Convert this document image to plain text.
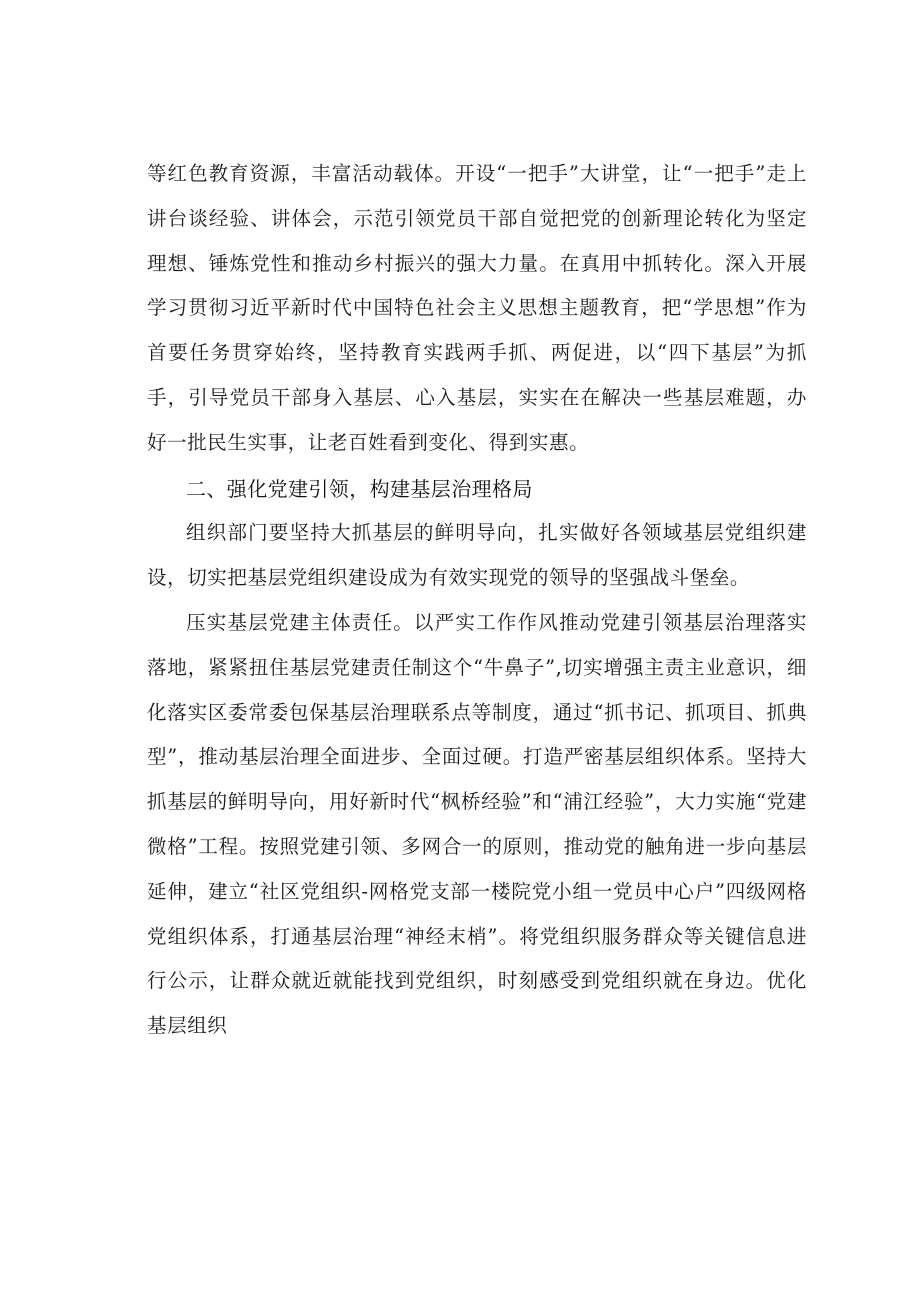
等红色教育资源，丰富活动载体。开设“一把手”大讲堂，让“一把手”走上讲台谈经验、讲体会，示范引领党员干部自觉把党的创新理论转化为坚定理想、锤炼党性和推动乡村振兴的强大力量。在真用中抓转化。深入开展学习贯彻习近平新时代中国特色社会主义思想主题教育，把“学思想”作为首要任务贯穿始终，坚持教育实践两手抓、两促进，以“四下基层”为抓手，引导党员干部身入基层、心入基层，实实在在解决一些基层难题，办好一批民生实事，让老百姓看到变化、得到实惠。

二、强化党建引领，构建基层治理格局

组织部门要坚持大抓基层的鲜明导向，扎实做好各领域基层党组织建设，切实把基层党组织建设成为有效实现党的领导的坚强战斗堡垒。

压实基层党建主体责任。以严实工作作风推动党建引领基层治理落实落地，紧紧扭住基层党建责任制这个“牛鼻子”,切实增强主责主业意识，细化落实区委常委包保基层治理联系点等制度，通过“抓书记、抓项目、抓典型”，推动基层治理全面进步、全面过硬。打造严密基层组织体系。坚持大抓基层的鲜明导向，用好新时代“枫桥经验”和“浦江经验”，大力实施“党建微格”工程。按照党建引领、多网合一的原则，推动党的触角进一步向基层延伸，建立“社区党组织-网格党支部一楼院党小组一党员中心户”四级网格党组织体系，打通基层治理“神经末梢”。将党组织服务群众等关键信息进行公示，让群众就近就能找到党组织，时刻感受到党组织就在身边。优化基层组织
